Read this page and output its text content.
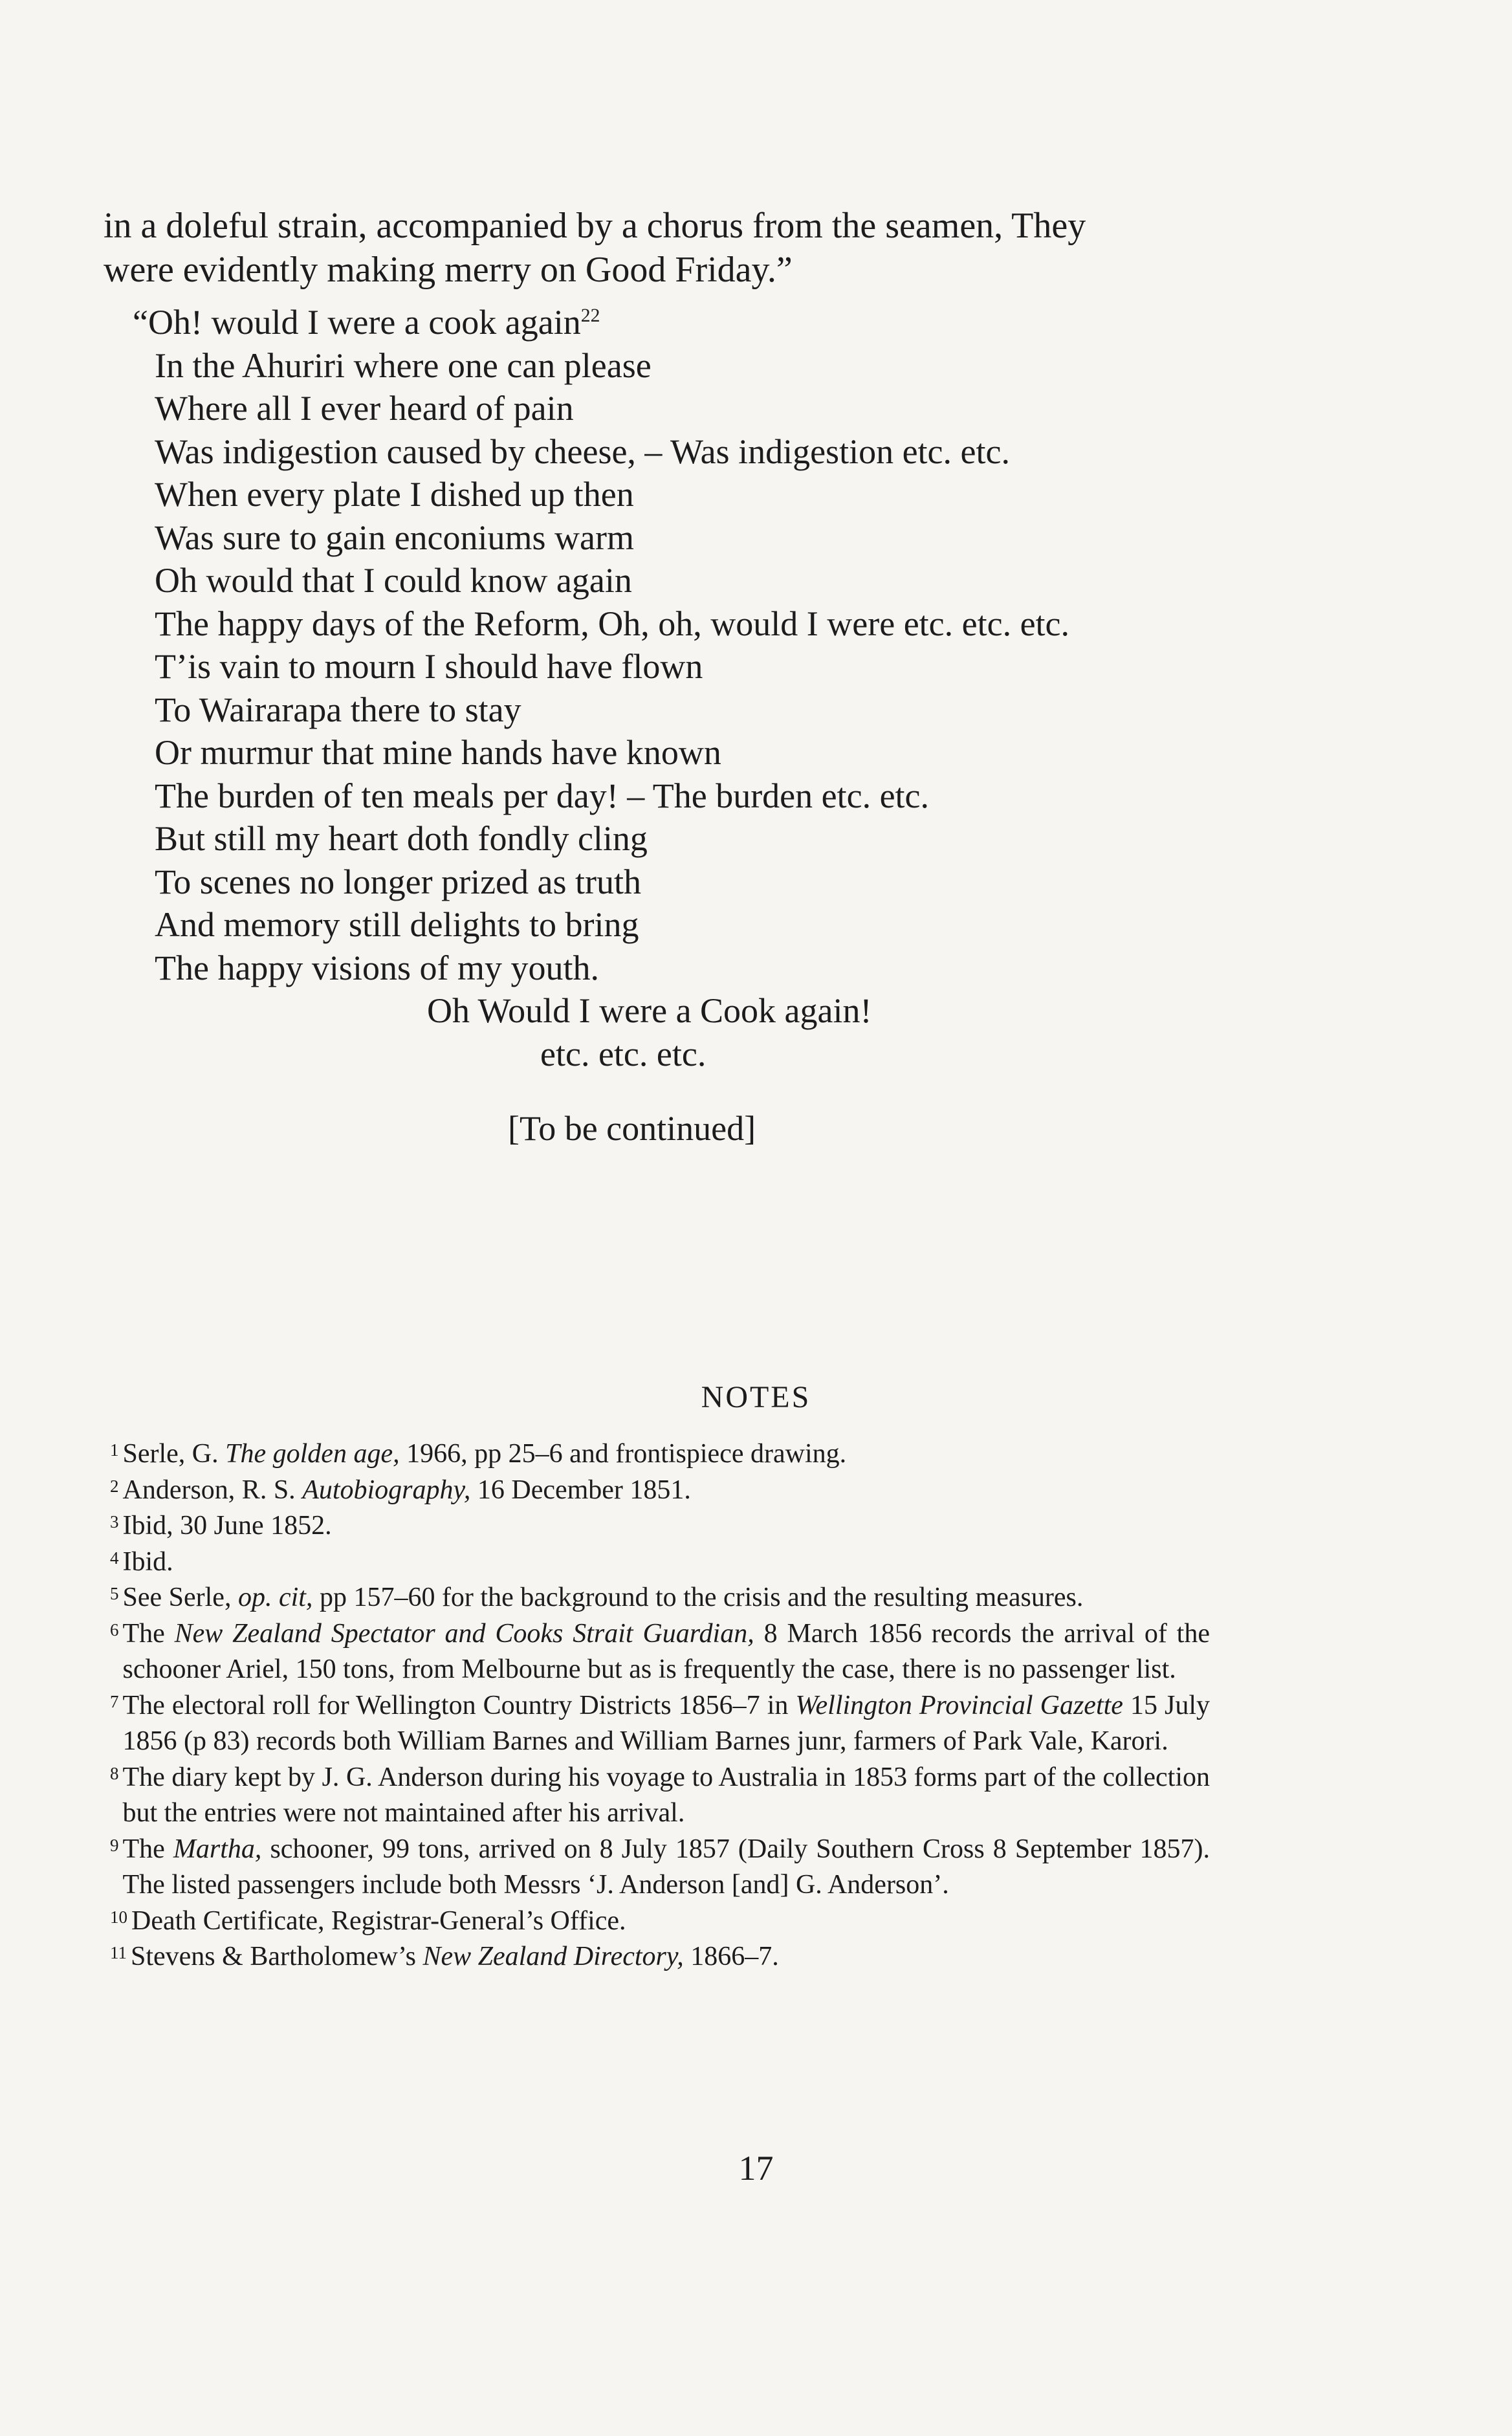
in a doleful strain, accompanied by a chorus from the seamen, They

were evidently making merry on Good Friday.”

“Oh! would I were a cook again$^{22}$

In the Ahuriri where one can please

Where all I ever heard of pain

Was indigestion caused by cheese, – Was indigestion etc. etc.

When every plate I dished up then

Was sure to gain enconiums warm

Oh would that I could know again

The happy days of the Reform, Oh, oh, would I were etc. etc. etc.

T’is vain to mourn I should have flown

To Wairarapa there to stay

Or murmur that mine hands have known

The burden of ten meals per day! – The burden etc. etc.

But still my heart doth fondly cling

To scenes no longer prized as truth

And memory still delights to bring

The happy visions of my youth.

Oh Would I were a Cook again!

etc. etc. etc.

[To be continued]
NOTES

1 Serle, G. The golden age, 1966, pp 25–6 and frontispiece drawing.

2 Anderson, R. S. Autobiography, 16 December 1851.

3 Ibid, 30 June 1852.

4 Ibid.

5 See Serle, op. cit, pp 157–60 for the background to the crisis and the resulting measures.

6 The New Zealand Spectator and Cooks Strait Guardian, 8 March 1856 records the arrival of the schooner Ariel, 150 tons, from Melbourne but as is frequently the case, there is no passenger list.

7 The electoral roll for Wellington Country Districts 1856–7 in Wellington Provincial Gazette 15 July 1856 (p 83) records both William Barnes and William Barnes junr, farmers of Park Vale, Karori.

8 The diary kept by J. G. Anderson during his voyage to Australia in 1853 forms part of the collection but the entries were not maintained after his arrival.

9 The Martha, schooner, 99 tons, arrived on 8 July 1857 (Daily Southern Cross 8 September 1857). The listed passengers include both Messrs ‘J. Anderson [and] G. Anderson’.

10 Death Certificate, Registrar-General’s Office.

11 Stevens & Bartholomew’s New Zealand Directory, 1866–7.

17
